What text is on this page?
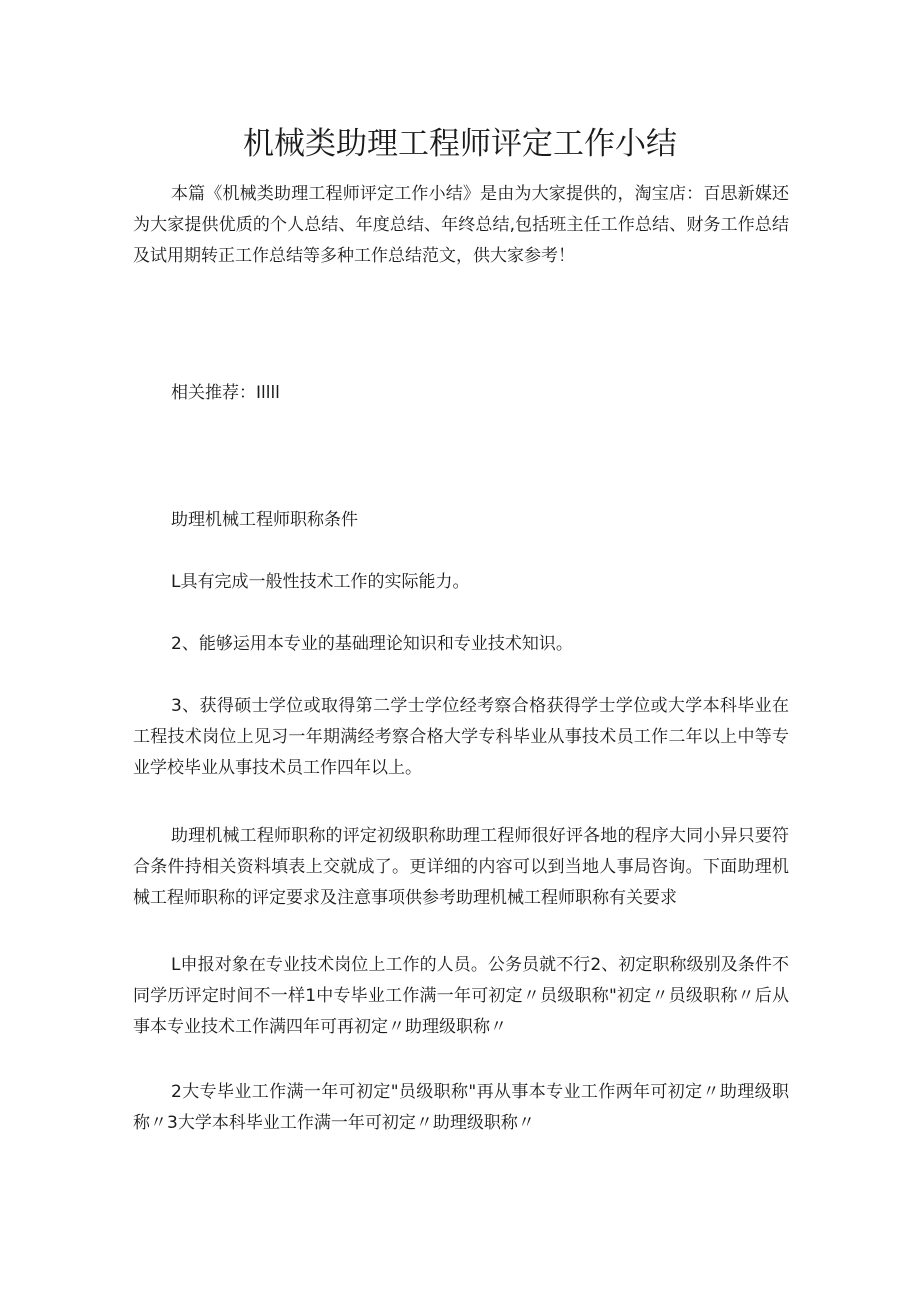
机械类助理工程师评定工作小结

本篇《机械类助理工程师评定工作小结》是由为大家提供的，淘宝店：百思新媒还为大家提供优质的个人总结、年度总结、年终总结,包括班主任工作总结、财务工作总结及试用期转正工作总结等多种工作总结范文，供大家参考！

相关推荐：Illll

助理机械工程师职称条件

L具有完成一般性技术工作的实际能力。

2、能够运用本专业的基础理论知识和专业技术知识。

3、获得硕士学位或取得第二学士学位经考察合格获得学士学位或大学本科毕业在工程技术岗位上见习一年期满经考察合格大学专科毕业从事技术员工作二年以上中等专业学校毕业从事技术员工作四年以上。

助理机械工程师职称的评定初级职称助理工程师很好评各地的程序大同小异只要符合条件持相关资料填表上交就成了。更详细的内容可以到当地人事局咨询。下面助理机械工程师职称的评定要求及注意事项供参考助理机械工程师职称有关要求

L申报对象在专业技术岗位上工作的人员。公务员就不行2、初定职称级别及条件不同学历评定时间不一样1中专毕业工作满一年可初定〃员级职称"初定〃员级职称〃后从事本专业技术工作满四年可再初定〃助理级职称〃

2大专毕业工作满一年可初定"员级职称"再从事本专业工作两年可初定〃助理级职称〃3大学本科毕业工作满一年可初定〃助理级职称〃
